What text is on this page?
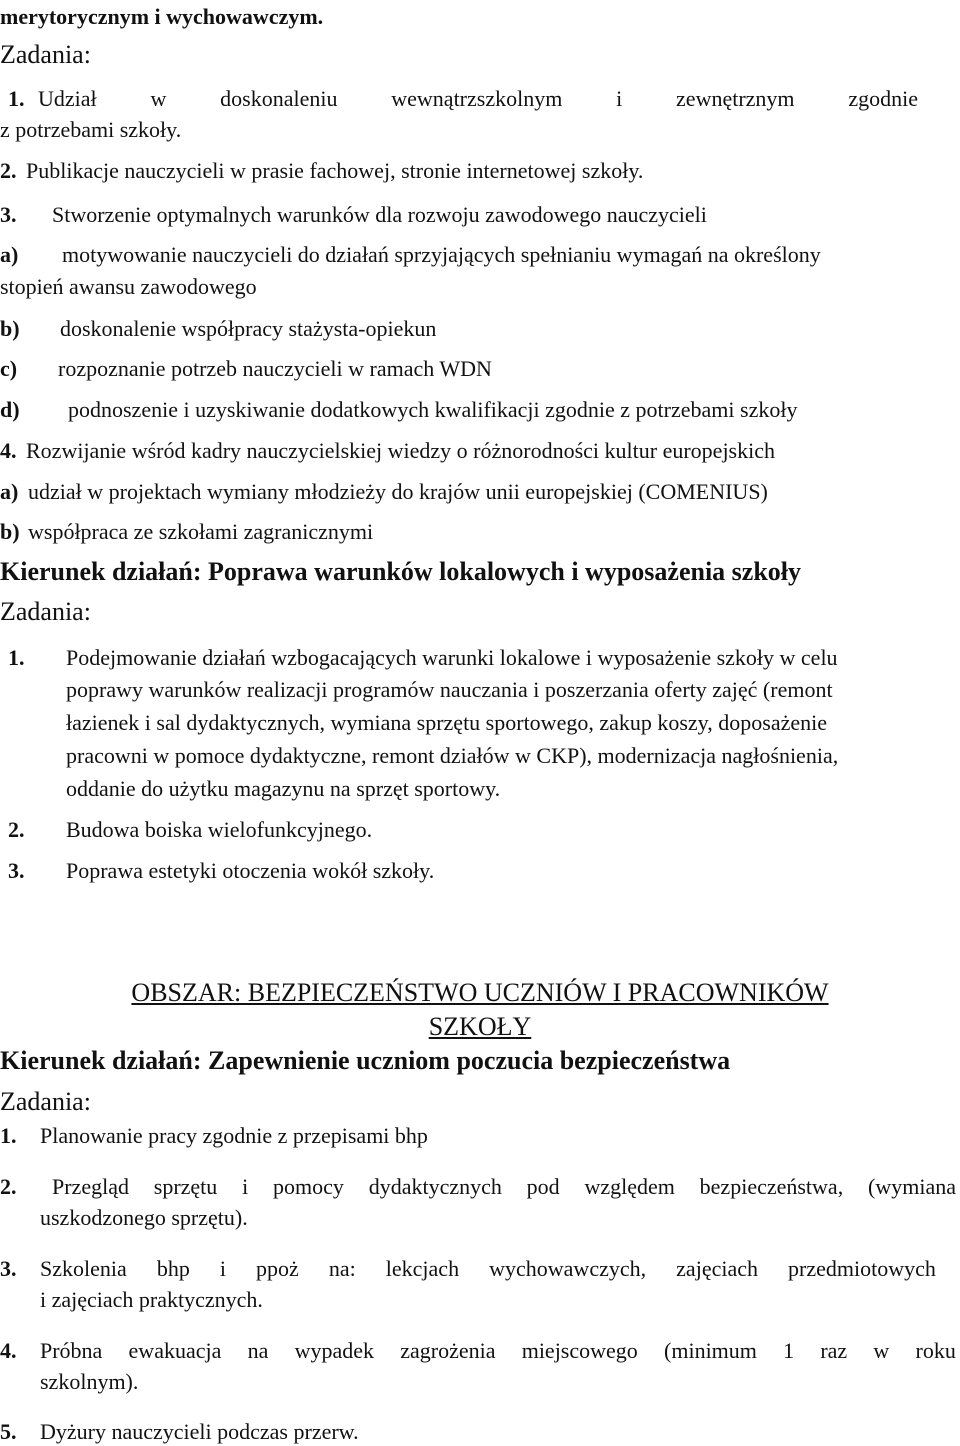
merytorycznym i wychowawczym.
Zadania:
1. Udział w doskonaleniu wewnątrzszkolnym i zewnętrznym zgodnie
z potrzebami szkoły.
2. Publikacje nauczycieli w prasie fachowej, stronie internetowej szkoły.
3. Stworzenie optymalnych warunków dla rozwoju zawodowego nauczycieli
a) motywowanie nauczycieli do działań sprzyjających spełnianiu wymagań na określony
stopień awansu zawodowego
b) doskonalenie współpracy stażysta-opiekun
c) rozpoznanie potrzeb nauczycieli w ramach WDN
d) podnoszenie i uzyskiwanie dodatkowych kwalifikacji zgodnie z potrzebami szkoły
4. Rozwijanie wśród kadry nauczycielskiej wiedzy o różnorodności kultur europejskich
a) udział w projektach wymiany młodzieży do krajów unii europejskiej (COMENIUS)
b) współpraca ze szkołami zagranicznymi
Kierunek działań: Poprawa warunków lokalowych i wyposażenia szkoły
Zadania:
1. Podejmowanie działań wzbogacających warunki lokalowe i wyposażenie szkoły w celu
poprawy warunków realizacji programów nauczania i poszerzania oferty zajęć (remont
łazienek i sal dydaktycznych, wymiana sprzętu sportowego, zakup koszy, doposażenie
pracowni w pomoce dydaktyczne, remont działów w CKP), modernizacja nagłośnienia,
oddanie do użytku magazynu na sprzęt sportowy.
2. Budowa boiska wielofunkcyjnego.
3. Poprawa estetyki otoczenia wokół szkoły.
OBSZAR: BEZPIECZEŃSTWO UCZNIÓW I PRACOWNIKÓW
SZKOŁY
Kierunek działań: Zapewnienie uczniom poczucia bezpieczeństwa
Zadania:
1. Planowanie pracy zgodnie z przepisami bhp
2. Przegląd sprzętu i pomocy dydaktycznych pod względem bezpieczeństwa, (wymiana
uszkodzonego sprzętu).
3. Szkolenia bhp i ppoż na: lekcjach wychowawczych, zajęciach przedmiotowych
i zajęciach praktycznych.
4. Próbna ewakuacja na wypadek zagrożenia miejscowego (minimum 1 raz w roku
szkolnym).
5. Dyżury nauczycieli podczas przerw.
